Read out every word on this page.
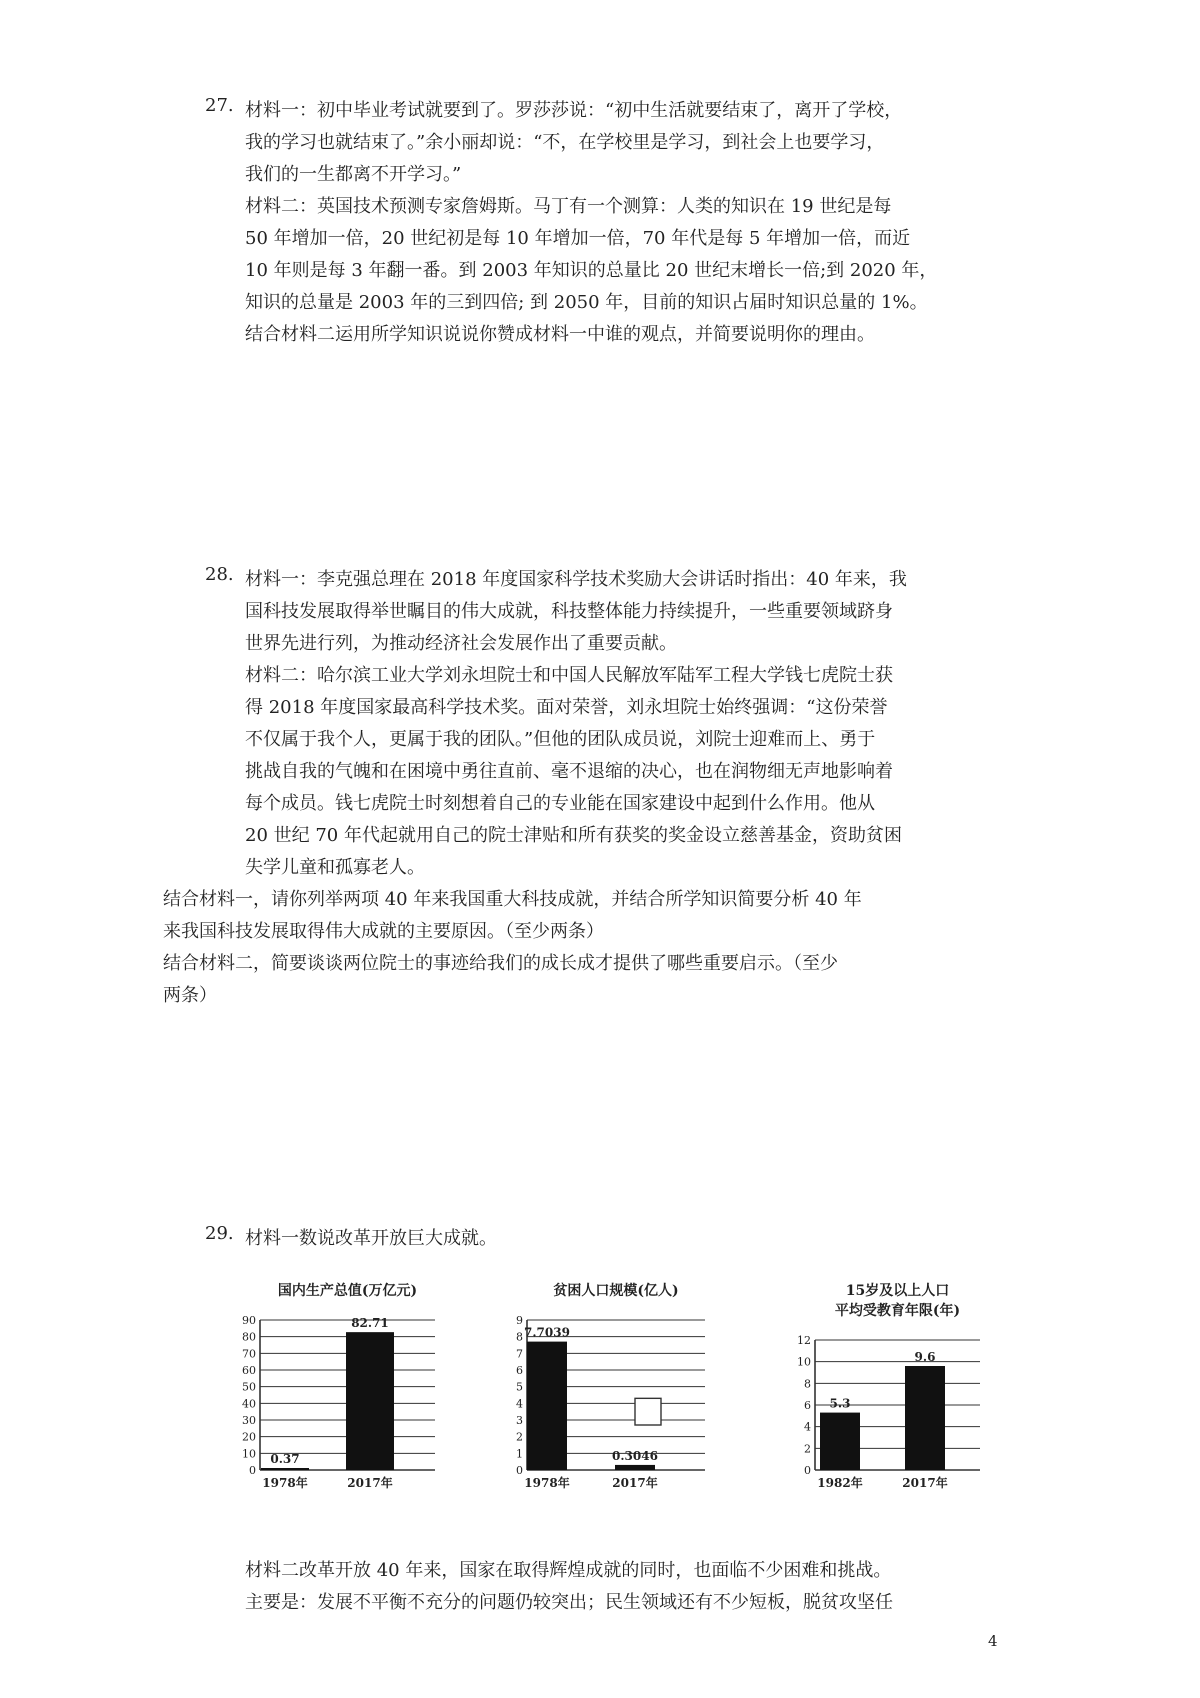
27. 材料一：初中毕业考试就要到了。罗莎莎说：“初中生活就要结束了，离开了学校，
我的学习也就结束了。”余小丽却说：“不，在学校里是学习，到社会上也要学习，
我们的一生都离不开学习。”
材料二：英国技术预测专家詹姆斯。马丁有一个测算：人类的知识在 19 世纪是每
50 年增加一倍，20 世纪初是每 10 年增加一倍，70 年代是每 5 年增加一倍，而近
10 年则是每 3 年翻一番。到 2003 年知识的总量比 20 世纪末增长一倍;到 2020 年，
知识的总量是 2003 年的三到四倍; 到 2050 年，目前的知识占届时知识总量的 1%。
结合材料二运用所学知识说说你赞成材料一中谁的观点，并简要说明你的理由。
28. 材料一：李克强总理在 2018 年度国家科学技术奖励大会讲话时指出：40 年来，我
国科技发展取得举世瞩目的伟大成就，科技整体能力持续提升，一些重要领域跻身
世界先进行列，为推动经济社会发展作出了重要贡献。
材料二：哈尔滨工业大学刘永坦院士和中国人民解放军陆军工程大学钱七虎院士获
得 2018 年度国家最高科学技术奖。面对荣誉，刘永坦院士始终强调：“这份荣誉
不仅属于我个人，更属于我的团队。”但他的团队成员说，刘院士迎难而上、勇于
挑战自我的气魄和在困境中勇往直前、毫不退缩的决心，也在润物细无声地影响着
每个成员。钱七虎院士时刻想着自己的专业能在国家建设中起到什么作用。他从
20 世纪 70 年代起就用自己的院士津贴和所有获奖的奖金设立慈善基金，资助贫困
失学儿童和孤寡老人。
结合材料一，请你列举两项 40 年来我国重大科技成就，并结合所学知识简要分析 40 年
来我国科技发展取得伟大成就的主要原因。（至少两条）
结合材料二，简要谈谈两位院士的事迹给我们的成长成才提供了哪些重要启示。（至少
两条）
29. 材料一数说改革开放巨大成就。
国内生产总值(万亿元)
0
10
20
30
40
50
60
70
80
90
0.37
1978年
82.71
2017年
贫困人口规模(亿人)
0
1
2
3
4
5
6
7
8
9
7.7039
1978年
0.3046
2017年
15岁及以上人口
平均受教育年限(年)
0
2
4
6
8
10
12
5.3
1982年
9.6
2017年
材料二改革开放 40 年来，国家在取得辉煌成就的同时，也面临不少困难和挑战。
主要是：发展不平衡不充分的问题仍较突出；民生领域还有不少短板，脱贫攻坚任
4
